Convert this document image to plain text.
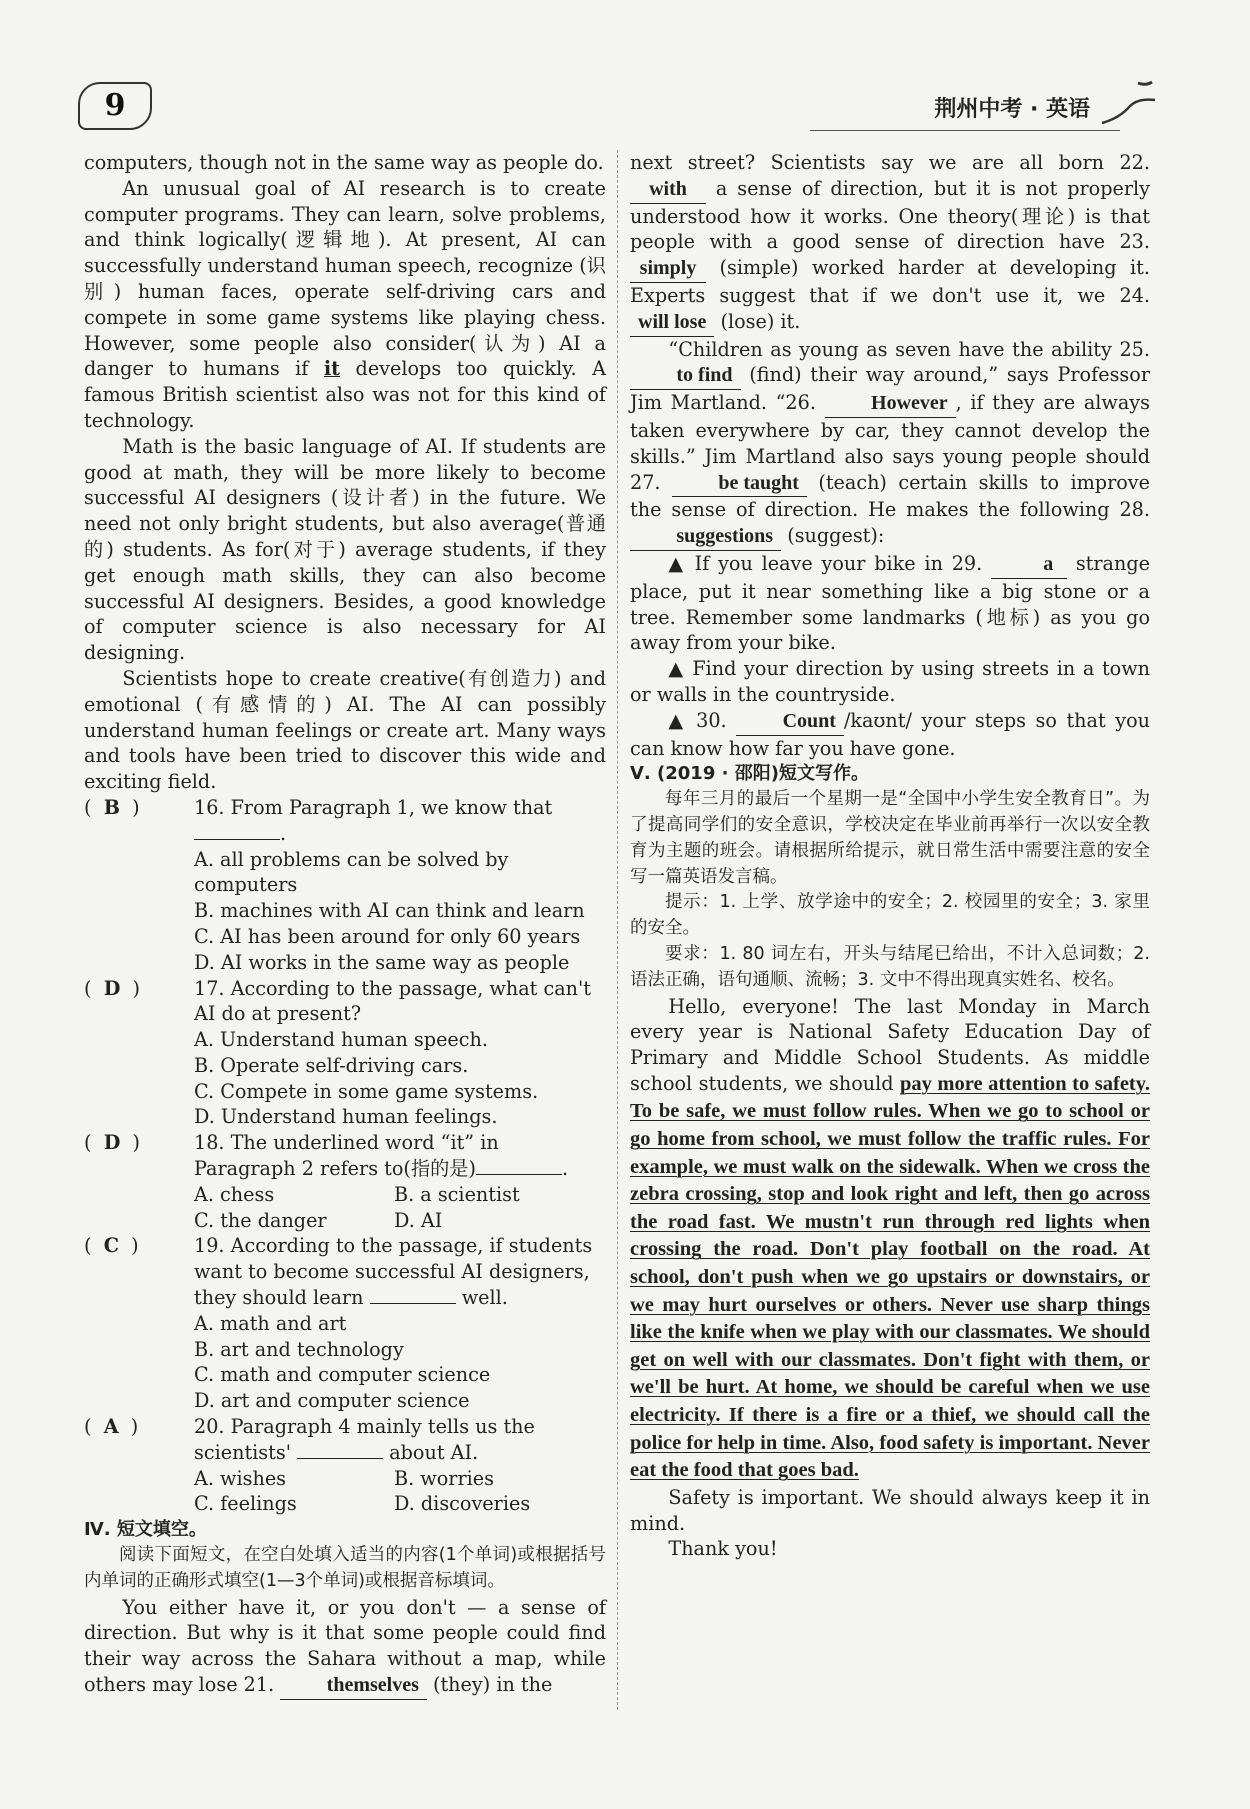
9	荆州中考 · 英语

computers, though not in the same way as people do.

An unusual goal of AI research is to create computer programs. They can learn, solve problems, and think logically(逻辑地). At present, AI can successfully understand human speech, recognize (识别) human faces, operate self-driving cars and compete in some game systems like playing chess. However, some people also consider(认为) AI a danger to humans if it develops too quickly. A famous British scientist also was not for this kind of technology.

Math is the basic language of AI. If students are good at math, they will be more likely to become successful AI designers (设计者) in the future. We need not only bright students, but also average(普通的) students. As for(对于) average students, if they get enough math skills, they can also become successful AI designers. Besides, a good knowledge of computer science is also necessary for AI designing.

Scientists hope to create creative(有创造力) and emotional (有感情的) AI. The AI can possibly understand human feelings or create art. Many ways and tools have been tried to discover this wide and exciting field.

(  B  )	16. From Paragraph 1, we know that .
A. all problems can be solved by computers
B. machines with AI can think and learn
C. AI has been around for only 60 years
D. AI works in the same way as people
(  D  )	17. According to the passage, what can't AI do at present?
A. Understand human speech.
B. Operate self-driving cars.
C. Compete in some game systems.
D. Understand human feelings.
(  D  )	18. The underlined word “it” in Paragraph 2 refers to(指的是)	.
A. chess	B. a scientist
C. the danger	D. AI
(  C  )	19. According to the passage, if students want to become successful AI designers, they should learn	well.
A. math and art
B. art and technology
C. math and computer science
D. art and computer science
(  A  )	20. Paragraph 4 mainly tells us the scientists'	about AI.
A. wishes	B. worries
C. feelings	D. discoveries

Ⅳ. 短文填空。

阅读下面短文，在空白处填入适当的内容(1个单词)或根据括号内单词的正确形式填空(1—3个单词)或根据音标填词。

You either have it, or you don't — a sense of direction. But why is it that some people could find their way across the Sahara without a map, while others may lose 21.	themselves (they) in the

next street? Scientists say we are all born 22. with a sense of direction, but it is not properly understood how it works. One theory(理论) is that people with a good sense of direction have 23. simply (simple) worked harder at developing it. Experts suggest that if we don't use it, we 24. will lose (lose) it.

“Children as young as seven have the ability 25. to find (find) their way around,” says Professor Jim Martland. “26.	However , if they are always taken everywhere by car, they cannot develop the skills.” Jim Martland also says young people should 27.	be taught (teach) certain skills to improve the sense of direction. He makes the following 28. suggestions (suggest):

▲ If you leave your bike in 29.	a strange place, put it near something like a big stone or a tree. Remember some landmarks (地标) as you go away from your bike.

▲ Find your direction by using streets in a town or walls in the countryside.

▲ 30.	Count /kaʊnt/ your steps so that you can know how far you have gone.

Ⅴ. (2019 · 邵阳)短文写作。

每年三月的最后一个星期一是“全国中小学生安全教育日”。为了提高同学们的安全意识，学校决定在毕业前再举行一次以安全教育为主题的班会。请根据所给提示，就日常生活中需要注意的安全写一篇英语发言稿。

提示：1. 上学、放学途中的安全；2. 校园里的安全；3. 家里的安全。

要求：1. 80 词左右，开头与结尾已给出，不计入总词数；2. 语法正确，语句通顺、流畅；3. 文中不得出现真实姓名、校名。

Hello, everyone! The last Monday in March every year is National Safety Education Day of Primary and Middle School Students. As middle school students, we should pay more attention to safety. To be safe, we must follow rules. When we go to school or go home from school, we must follow the traffic rules. For example, we must walk on the sidewalk. When we cross the zebra crossing, stop and look right and left, then go across the road fast. We mustn't run through red lights when crossing the road. Don't play football on the road. At school, don't push when we go upstairs or downstairs, or we may hurt ourselves or others. Never use sharp things like the knife when we play with our classmates. We should get on well with our classmates. Don't fight with them, or we'll be hurt. At home, we should be careful when we use electricity. If there is a fire or a thief, we should call the police for help in time. Also, food safety is important. Never eat the food that goes bad.

Safety is important. We should always keep it in mind.

Thank you!
